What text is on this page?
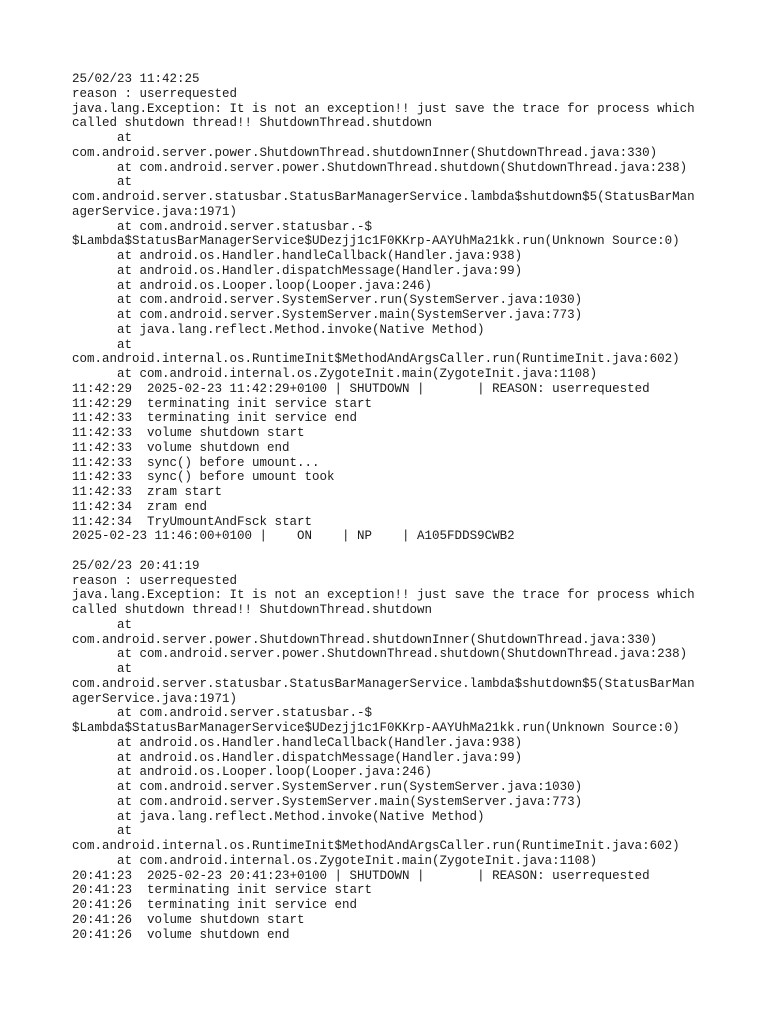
25/02/23 11:42:25
reason : userrequested
java.lang.Exception: It is not an exception!! just save the trace for process which
called shutdown thread!! ShutdownThread.shutdown
at
com.android.server.power.ShutdownThread.shutdownInner(ShutdownThread.java:330)
at com.android.server.power.ShutdownThread.shutdown(ShutdownThread.java:238)
at
com.android.server.statusbar.StatusBarManagerService.lambda$shutdown$5(StatusBarMan
agerService.java:1971)
at com.android.server.statusbar.-$
$Lambda$StatusBarManagerService$UDezjj1c1F0KKrp-AAYUhMa21kk.run(Unknown Source:0)
at android.os.Handler.handleCallback(Handler.java:938)
at android.os.Handler.dispatchMessage(Handler.java:99)
at android.os.Looper.loop(Looper.java:246)
at com.android.server.SystemServer.run(SystemServer.java:1030)
at com.android.server.SystemServer.main(SystemServer.java:773)
at java.lang.reflect.Method.invoke(Native Method)
at
com.android.internal.os.RuntimeInit$MethodAndArgsCaller.run(RuntimeInit.java:602)
at com.android.internal.os.ZygoteInit.main(ZygoteInit.java:1108)
11:42:29  2025-02-23 11:42:29+0100 | SHUTDOWN |       | REASON: userrequested
11:42:29  terminating init service start
11:42:33  terminating init service end
11:42:33  volume shutdown start
11:42:33  volume shutdown end
11:42:33  sync() before umount...
11:42:33  sync() before umount took
11:42:33  zram start
11:42:34  zram end
11:42:34  TryUmountAndFsck start
2025-02-23 11:46:00+0100 |    ON    | NP    | A105FDDS9CWB2
25/02/23 20:41:19
reason : userrequested
java.lang.Exception: It is not an exception!! just save the trace for process which
called shutdown thread!! ShutdownThread.shutdown
at
com.android.server.power.ShutdownThread.shutdownInner(ShutdownThread.java:330)
at com.android.server.power.ShutdownThread.shutdown(ShutdownThread.java:238)
at
com.android.server.statusbar.StatusBarManagerService.lambda$shutdown$5(StatusBarMan
agerService.java:1971)
at com.android.server.statusbar.-$
$Lambda$StatusBarManagerService$UDezjj1c1F0KKrp-AAYUhMa21kk.run(Unknown Source:0)
at android.os.Handler.handleCallback(Handler.java:938)
at android.os.Handler.dispatchMessage(Handler.java:99)
at android.os.Looper.loop(Looper.java:246)
at com.android.server.SystemServer.run(SystemServer.java:1030)
at com.android.server.SystemServer.main(SystemServer.java:773)
at java.lang.reflect.Method.invoke(Native Method)
at
com.android.internal.os.RuntimeInit$MethodAndArgsCaller.run(RuntimeInit.java:602)
at com.android.internal.os.ZygoteInit.main(ZygoteInit.java:1108)
20:41:23  2025-02-23 20:41:23+0100 | SHUTDOWN |       | REASON: userrequested
20:41:23  terminating init service start
20:41:26  terminating init service end
20:41:26  volume shutdown start
20:41:26  volume shutdown end
